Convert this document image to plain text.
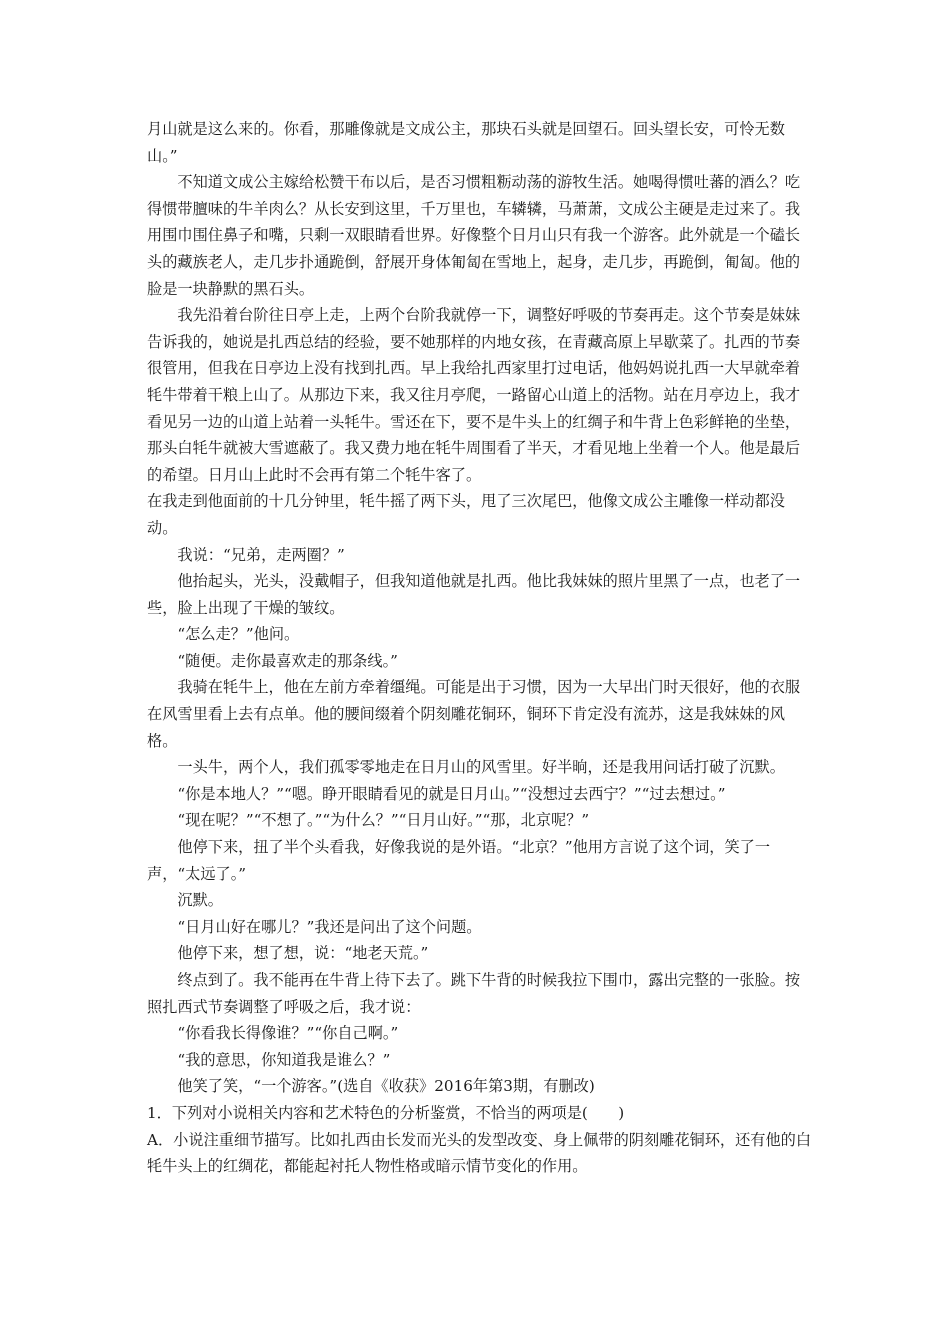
月山就是这么来的。你看，那雕像就是文成公主，那块石头就是回望石。回头望长安，可怜无数山。”

不知道文成公主嫁给松赞干布以后，是否习惯粗粝动荡的游牧生活。她喝得惯吐蕃的酒么？吃得惯带膻味的牛羊肉么？从长安到这里，千万里也，车辚辚，马萧萧，文成公主硬是走过来了。我用围巾围住鼻子和嘴，只剩一双眼睛看世界。好像整个日月山只有我一个游客。此外就是一个磕长头的藏族老人，走几步扑通跪倒，舒展开身体匍匐在雪地上，起身，走几步，再跪倒，匍匐。他的脸是一块静默的黑石头。

我先沿着台阶往日亭上走，上两个台阶我就停一下，调整好呼吸的节奏再走。这个节奏是妹妹告诉我的，她说是扎西总结的经验，要不她那样的内地女孩，在青藏高原上早歇菜了。扎西的节奏很管用，但我在日亭边上没有找到扎西。早上我给扎西家里打过电话，他妈妈说扎西一大早就牵着牦牛带着干粮上山了。从那边下来，我又往月亭爬，一路留心山道上的活物。站在月亭边上，我才看见另一边的山道上站着一头牦牛。雪还在下，要不是牛头上的红绸子和牛背上色彩鲜艳的坐垫，那头白牦牛就被大雪遮蔽了。我又费力地在牦牛周围看了半天，才看见地上坐着一个人。他是最后的希望。日月山上此时不会再有第二个牦牛客了。

在我走到他面前的十几分钟里，牦牛摇了两下头，甩了三次尾巴，他像文成公主雕像一样动都没动。

我说：“兄弟，走两圈？”

他抬起头，光头，没戴帽子，但我知道他就是扎西。他比我妹妹的照片里黑了一点，也老了一些，脸上出现了干燥的皱纹。

“怎么走？”他问。

“随便。走你最喜欢走的那条线。”

我骑在牦牛上，他在左前方牵着缰绳。可能是出于习惯，因为一大早出门时天很好，他的衣服在风雪里看上去有点单。他的腰间缀着个阴刻雕花铜环，铜环下肯定没有流苏，这是我妹妹的风格。

一头牛，两个人，我们孤零零地走在日月山的风雪里。好半晌，还是我用问话打破了沉默。

“你是本地人？”“嗯。睁开眼睛看见的就是日月山。”“没想过去西宁？”“过去想过。”

“现在呢？”“不想了。”“为什么？”“日月山好。”“那，北京呢？”

他停下来，扭了半个头看我，好像我说的是外语。“北京？”他用方言说了这个词，笑了一声，“太远了。”

沉默。

“日月山好在哪儿？”我还是问出了这个问题。

他停下来，想了想，说：“地老天荒。”

终点到了。我不能再在牛背上待下去了。跳下牛背的时候我拉下围巾，露出完整的一张脸。按照扎西式节奏调整了呼吸之后，我才说：

“你看我长得像谁？”“你自己啊。”

“我的意思，你知道我是谁么？”

他笑了笑，“一个游客。”(选自《收获》2016年第3期，有删改)

1．下列对小说相关内容和艺术特色的分析鉴赏，不恰当的两项是(　　)

A．小说注重细节描写。比如扎西由长发而光头的发型改变、身上佩带的阴刻雕花铜环，还有他的白牦牛头上的红绸花，都能起衬托人物性格或暗示情节变化的作用。
